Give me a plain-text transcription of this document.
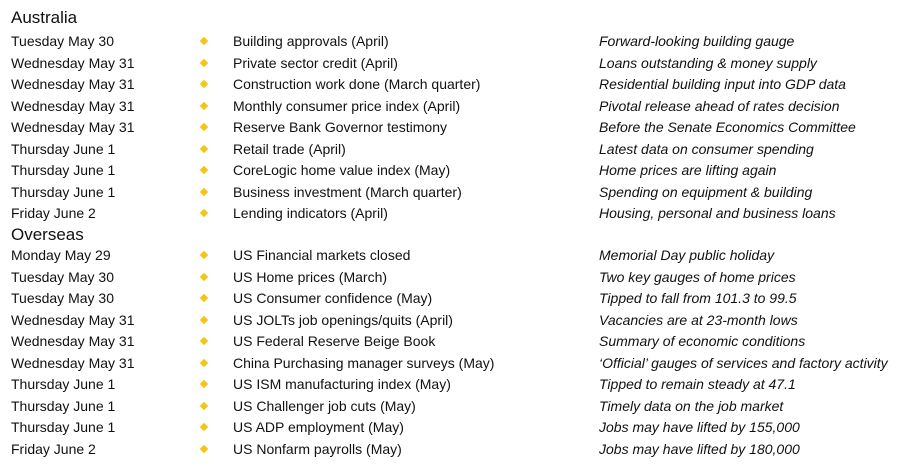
Australia
Tuesday May 30	Building approvals (April)	Forward-looking building gauge
Wednesday May 31	Private sector credit (April)	Loans outstanding & money supply
Wednesday May 31	Construction work done (March quarter)	Residential building input into GDP data
Wednesday May 31	Monthly consumer price index (April)	Pivotal release ahead of rates decision
Wednesday May 31	Reserve Bank Governor testimony	Before the Senate Economics Committee
Thursday June 1	Retail trade (April)	Latest data on consumer spending
Thursday June 1	CoreLogic home value index (May)	Home prices are lifting again
Thursday June 1	Business investment (March quarter)	Spending on equipment & building
Friday June 2	Lending indicators (April)	Housing, personal and business loans
Overseas
Monday May 29	US Financial markets closed	Memorial Day public holiday
Tuesday May 30	US Home prices (March)	Two key gauges of home prices
Tuesday May 30	US Consumer confidence (May)	Tipped to fall from 101.3 to 99.5
Wednesday May 31	US JOLTs job openings/quits (April)	Vacancies are at 23-month lows
Wednesday May 31	US Federal Reserve Beige Book	Summary of economic conditions
Wednesday May 31	China Purchasing manager surveys (May)	‘Official’ gauges of services and factory activity
Thursday June 1	US ISM manufacturing index (May)	Tipped to remain steady at 47.1
Thursday June 1	US Challenger job cuts (May)	Timely data on the job market
Thursday June 1	US ADP employment (May)	Jobs may have lifted by 155,000
Friday June 2	US Nonfarm payrolls (May)	Jobs may have lifted by 180,000
